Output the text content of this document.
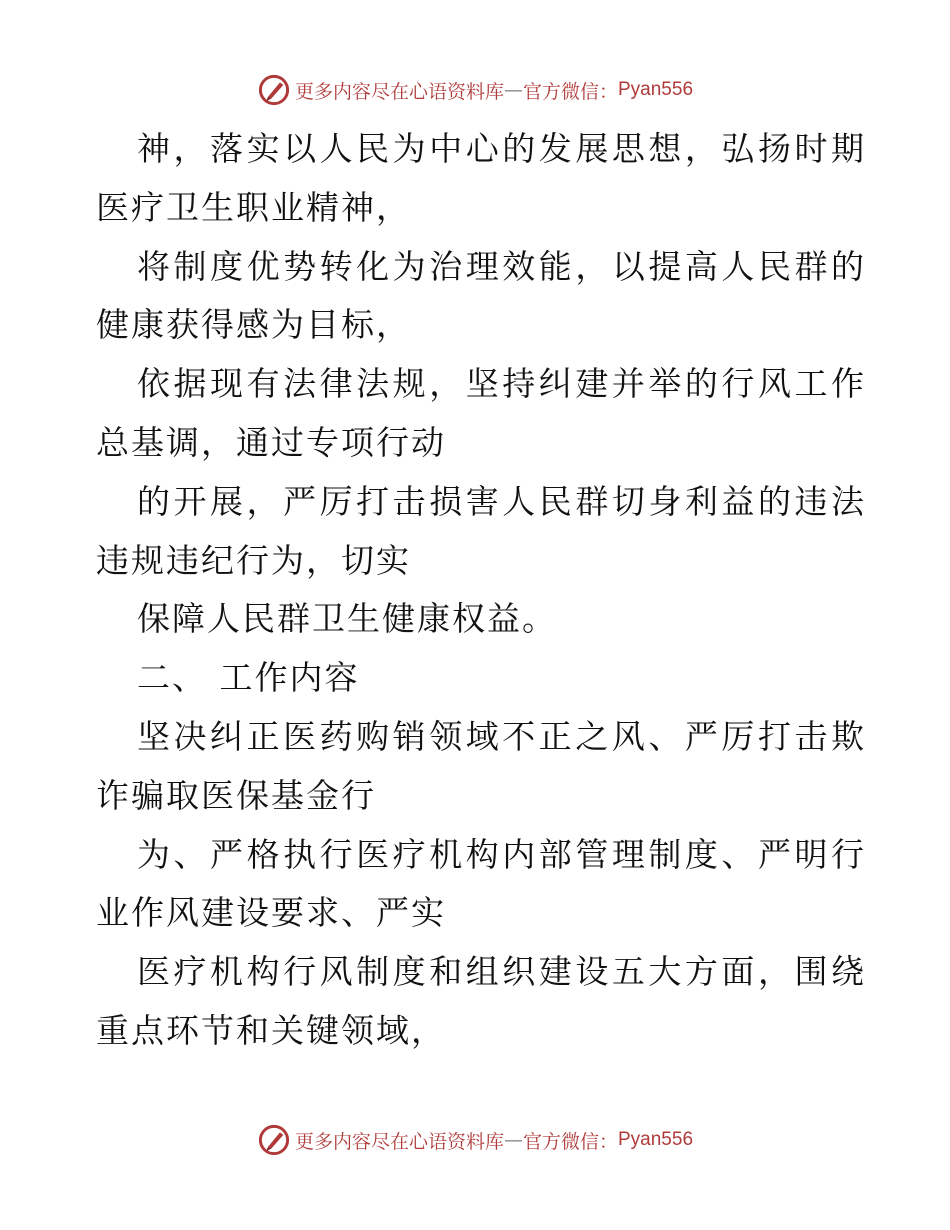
更多内容尽在心语资料库 — 官方微信： Pyan556

神，落实以人民为中心的发展思想，弘扬时期医疗卫生职业精神，

将制度优势转化为治理效能，以提高人民群的健康获得感为目标，

依据现有法律法规，坚持纠建并举的行风工作总基调，通过专项行动

的开展，严厉打击损害人民群切身利益的违法违规违纪行为，切实

保障人民群卫生健康权益。

二、 工作内容

坚决纠正医药购销领域不正之风、严厉打击欺诈骗取医保基金行

为、严格执行医疗机构内部管理制度、严明行业作风建设要求、严实

医疗机构行风制度和组织建设五大方面，围绕重点环节和关键领域，

更多内容尽在心语资料库 — 官方微信： Pyan556
